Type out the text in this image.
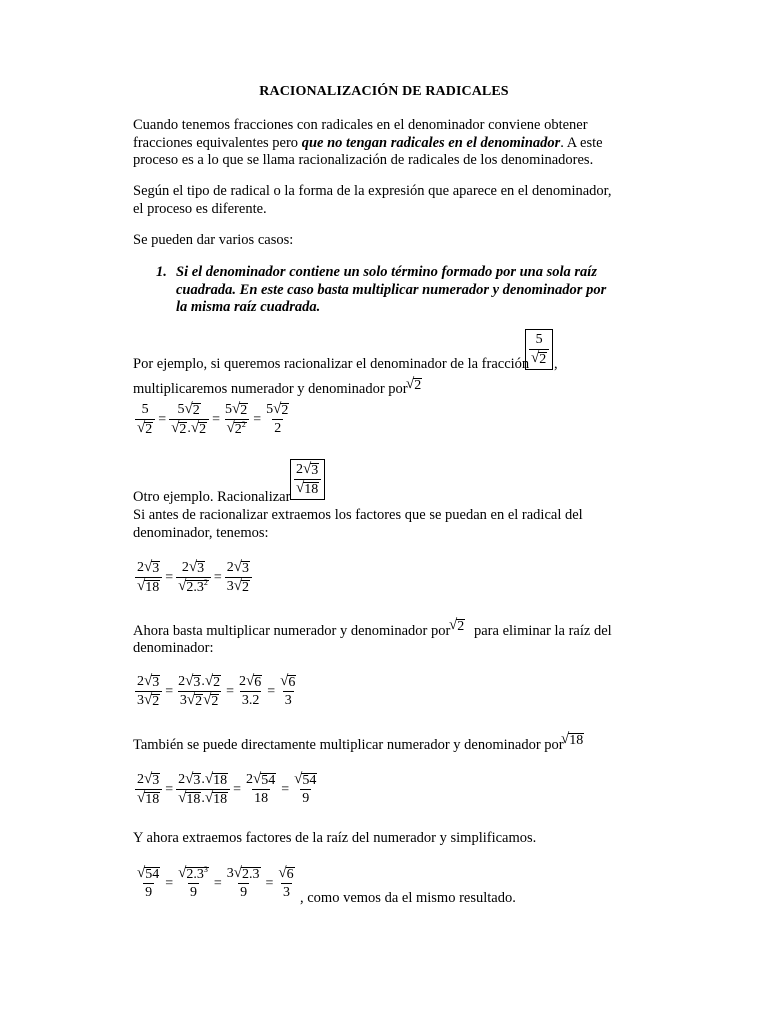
RACIONALIZACIÓN DE RADICALES
Cuando tenemos fracciones con radicales en el denominador conviene obtener fracciones equivalentes pero que no tengan radicales en el denominador. A este proceso es a lo que se llama racionalización de radicales de los denominadores.
Según el tipo de radical o la forma de la expresión que aparece en el denominador, el proceso es diferente.
Se pueden dar varios casos:
1. Si el denominador contiene un solo término formado por una sola raíz cuadrada. En este caso basta multiplicar numerador y denominador por la misma raíz cuadrada.
Por ejemplo, si queremos racionalizar el denominador de la fracción $\frac{5}{√ 2}$ ,
multiplicaremos numerador y denominador por
√ 2
$\frac{5}{√ 2} = \frac{5 √ 2}{√ 2 . √ 2} = \frac{5 √ 2}{√ 2^2} = \frac{5 √ 2}{2}$
Otro ejemplo. Racionalizar $\frac{2 √ 3}{√ 18}$
Si antes de racionalizar extraemos los factores que se puedan en el radical del denominador, tenemos:
$\frac{2 √ 3}{√ 18} = \frac{2 √ 3}{√ 2.3^2} = \frac{2 √ 3}{3 √ 2}$
Ahora basta multiplicar numerador y denominador por
√ 2 para eliminar la raíz del
denominador:
$\frac{2 √ 3}{3 √ 2} = \frac{2 √ 3 . √ 2}{3 √ 2 √ 2} = \frac{2 √ 6}{3.2} = \frac{√ 6}{3}$
También se puede directamente multiplicar numerador y denominador por
√ 18
$\frac{2 √ 3}{√ 18} = \frac{2 √ 3 . √ 18}{√ 18 . √ 18} = \frac{2 √ 54}{18} = \frac{√ 54}{9}$
Y ahora extraemos factores de la raíz del numerador y simplificamos.
$\frac{√ 54}{9} = \frac{√ 2.3^3}{9} = \frac{3 √ 2.3}{9} = \frac{√ 6}{3}$ , como vemos da el mismo resultado.
